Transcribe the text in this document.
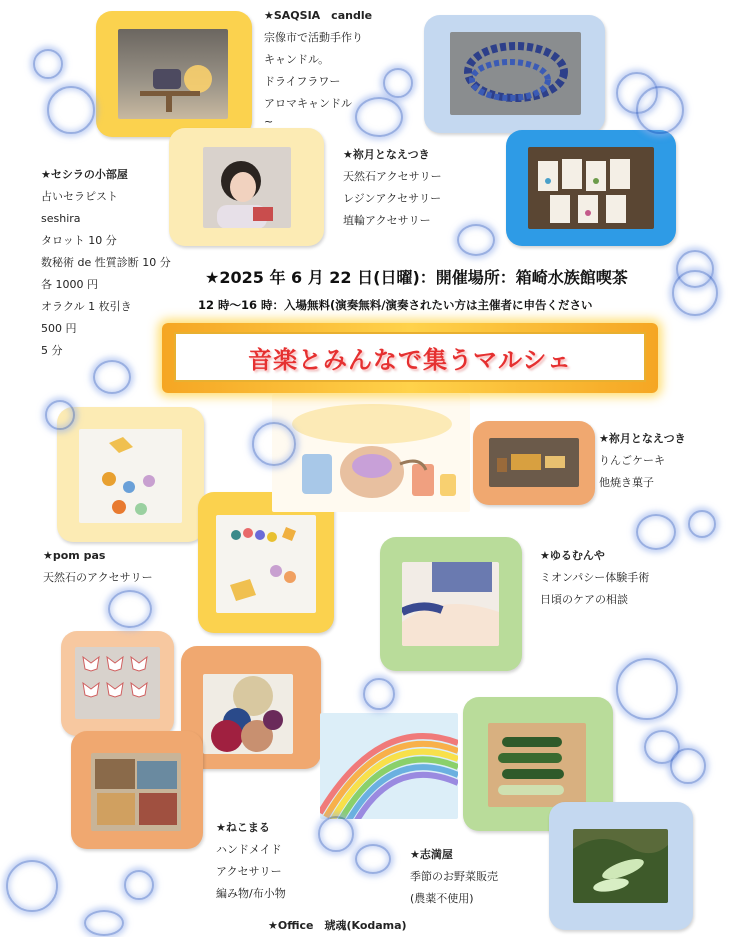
★SAQSIA　candle
宗像市で活動手作り
キャンドル。
ドライフラワー
アロマキャンドル
~
★セシラの小部屋
占いセラピスト
seshira
タロット 10 分
数秘術 de 性質診断 10 分
各 1000 円
オラクル 1 枚引き
500 円
5 分
★祢月となえつき
天然石アクセサリー
レジンアクセサリー
埴輪アクセサリー
★2025 年 6 月 22 日(日曜)：開催場所：箱崎水族館喫茶
12 時〜16 時：入場無料(演奏無料/演奏されたい方は主催者に申告ください
音楽とみんなで集うマルシェ
★祢月となえつき
りんごケーキ
他焼き菓子
★pom pas
天然石のアクセサリー
★ゆるむんや
ミオンパシー体験手術
日頃のケアの相談
★ねこまる
ハンドメイド
アクセサリー
編み物/布小物
★志満屋
季節のお野菜販売
(農薬不使用)
★Office　琥魂(Kodama)
